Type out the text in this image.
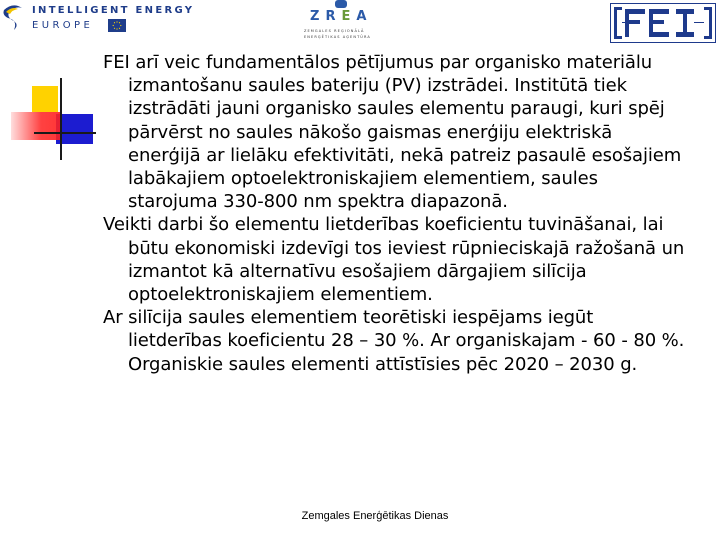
INTELLIGENT ENERGY
EUROPE
ZREA
ZEMGALES REĢIONĀLĀ
ENERĢĒTIKAS AĢENTŪRA

FEI arī veic fundamentālos pētījumus par organisko materiālu izmantošanu saules bateriju (PV) izstrādei. Institūtā tiek izstrādāti jauni organisko saules elementu paraugi, kuri spēj pārvērst no saules nākošo gaismas enerģiju elektriskā enerģijā ar lielāku efektivitāti, nekā patreiz pasaulē esošajiem labākajiem optoelektroniskajiem elementiem, saules starojuma 330-800 nm spektra diapazonā.

Veikti darbi šo elementu lietderības koeficientu tuvināšanai, lai būtu ekonomiski izdevīgi tos ieviest rūpnieciskajā ražošanā un izmantot kā alternatīvu esošajiem dārgajiem silīcija optoelektroniskajiem elementiem.

Ar silīcija saules elementiem teorētiski iespējams iegūt lietderības koeficientu 28 – 30 %. Ar organiskajam - 60 - 80 %. Organiskie saules elementi attīstīsies pēc 2020 – 2030 g.

Zemgales Enerģētikas Dienas
